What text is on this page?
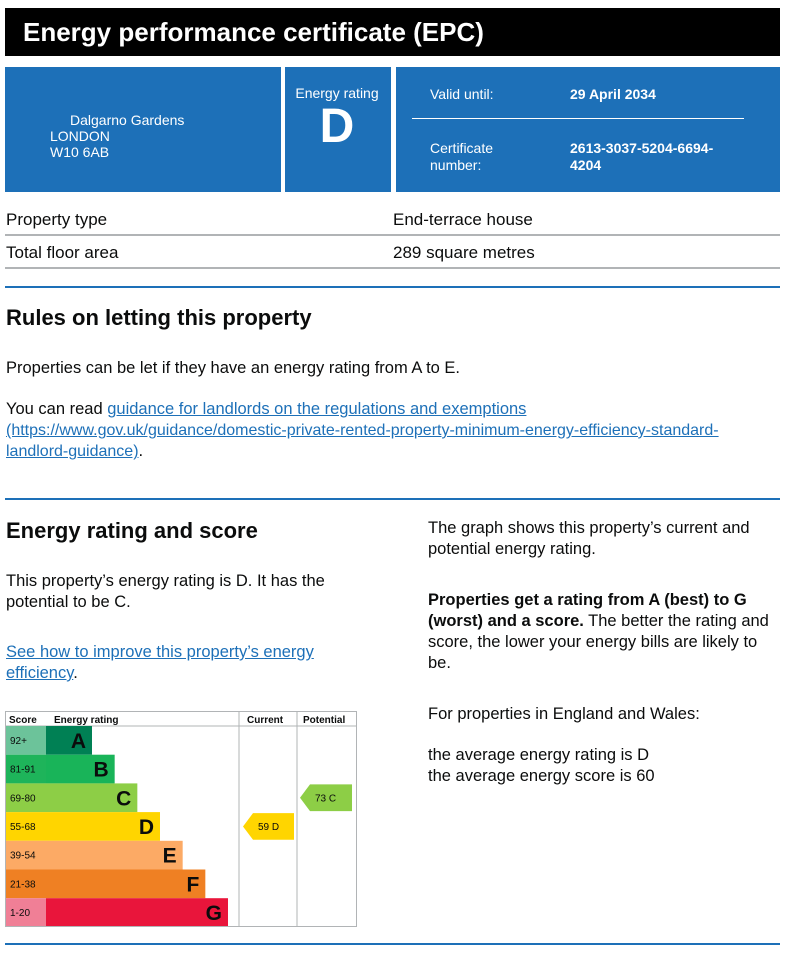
Energy performance certificate (EPC)
Dalgarno Gardens
LONDON
W10 6AB
Energy rating
D
Valid until:	29 April 2034
Certificate number:
2613-3037-5204-6694-4204
Property type	End-terrace house
Total floor area	289 square metres
Rules on letting this property
Properties can be let if they have an energy rating from A to E.
You can read guidance for landlords on the regulations and exemptions
(https://www.gov.uk/guidance/domestic-private-rented-property-minimum-energy-efficiency-standard-landlord-guidance).
Energy rating and score
This property’s energy rating is D. It has the potential to be C.
See how to improve this property’s energy efficiency.
The graph shows this property’s current and potential energy rating.
Properties get a rating from A (best) to G (worst) and a score. The better the rating and score, the lower your energy bills are likely to be.
For properties in England and Wales:
the average energy rating is D
the average energy score is 60
Score Energy rating	Current Potential
92+ A
81-91	B
69-80	C
55-68	D
39-54	E
21-38	F
1-20	G
59 D
73 C
